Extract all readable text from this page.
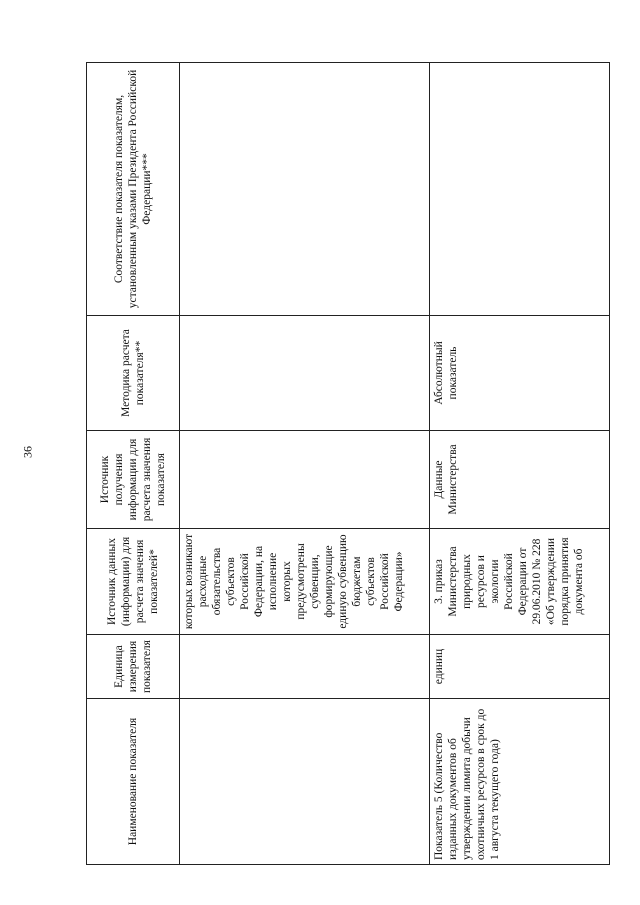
36
Наименование показателя	Единица измерения показателя	Источник данных (информации) для расчета значения показателей*	Источник получения информации для расчета значения показателя	Методика расчета показателя**	Соответствие показателя показателям, установленным указами Президента Российской Федерации***
		которых возникают расходные обязательства субъектов Российской Федерации, на исполнение которых предусмотрены субвенции, формирующие единую субвенцию бюджетам субъектов Российской Федерации»			
Показатель 5 (Количество изданных документов об утверждении лимита добычи охотничьих ресурсов в срок до 1 августа текущего года)	единиц	3. приказ Министерства природных ресурсов и экологии Российской Федерации от 29.06.2010 № 228 «Об утверждении порядка принятия документа об	Данные Министерства	Абсолютный показатель	
